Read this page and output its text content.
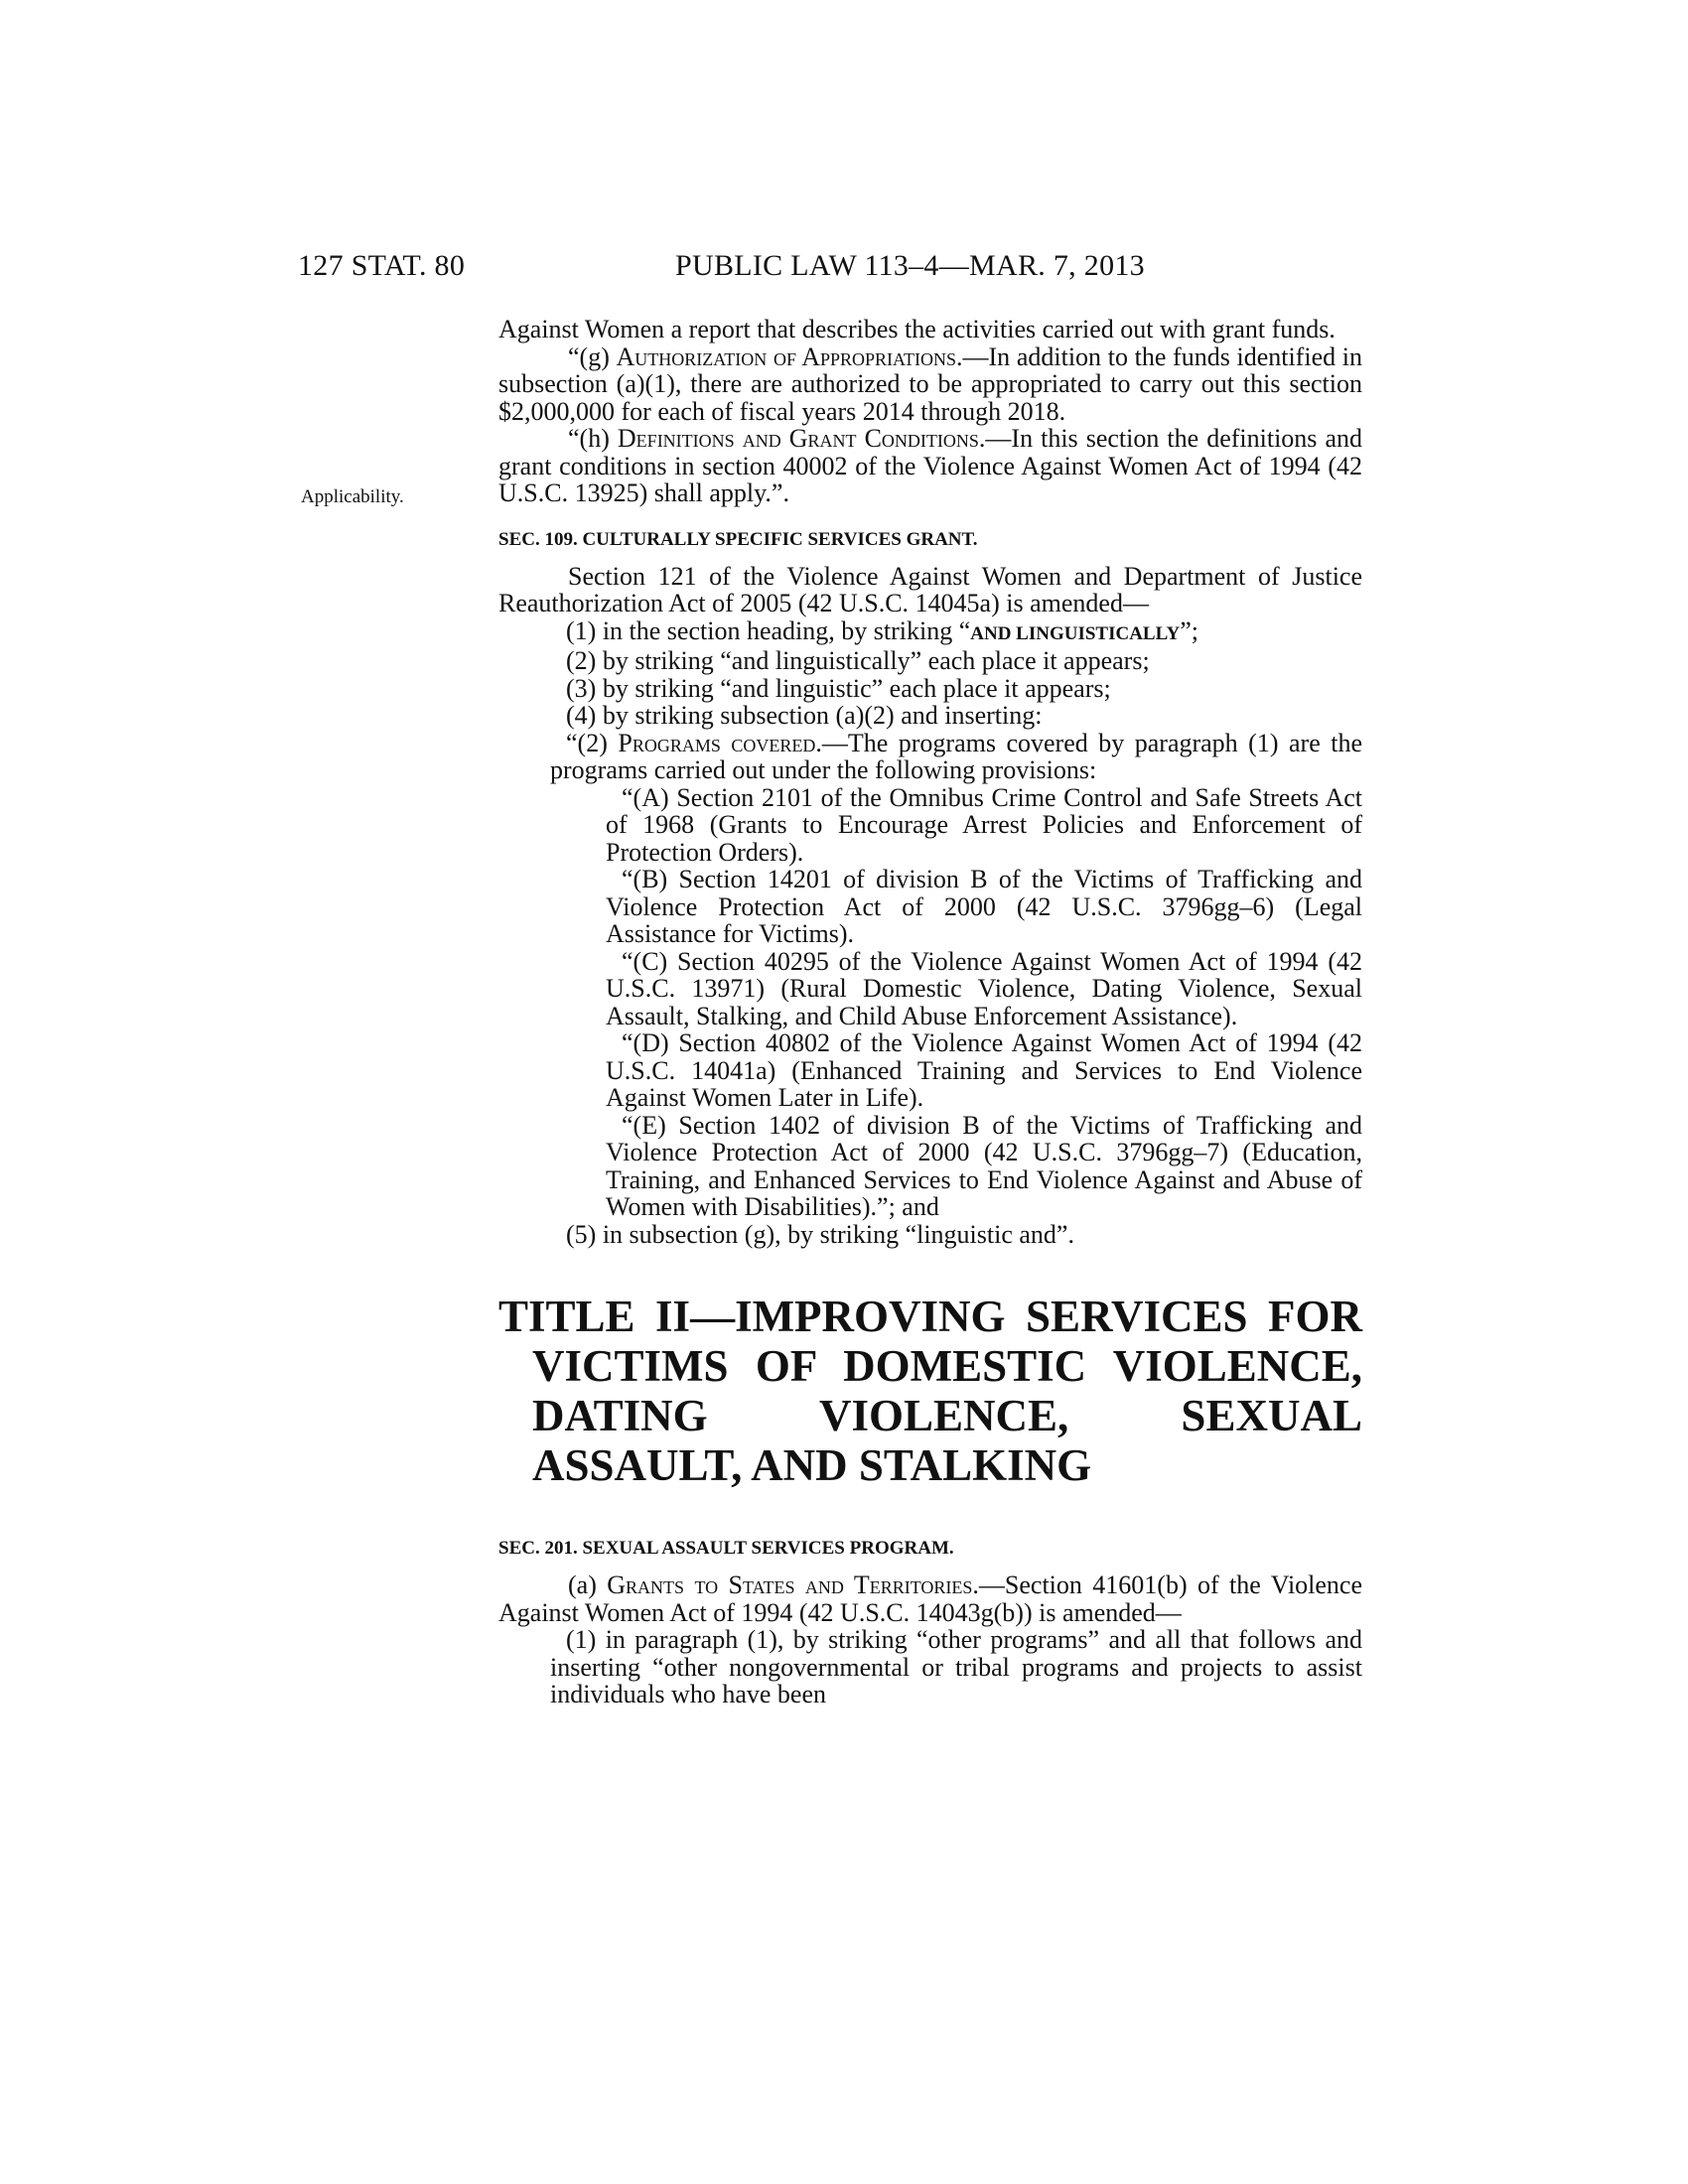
127 STAT. 80	PUBLIC LAW 113–4—MAR. 7, 2013
Applicability.

Against Women a report that describes the activities carried out with grant funds.

“(g) Authorization of Appropriations.—In addition to the funds identified in subsection (a)(1), there are authorized to be appropriated to carry out this section $2,000,000 for each of fiscal years 2014 through 2018.

“(h) Definitions and Grant Conditions.—In this section the definitions and grant conditions in section 40002 of the Violence Against Women Act of 1994 (42 U.S.C. 13925) shall apply.”.

SEC. 109. CULTURALLY SPECIFIC SERVICES GRANT.

Section 121 of the Violence Against Women and Department of Justice Reauthorization Act of 2005 (42 U.S.C. 14045a) is amended—

(1) in the section heading, by striking “AND LINGUISTICALLY”;

(2) by striking “and linguistically” each place it appears;

(3) by striking “and linguistic” each place it appears;

(4) by striking subsection (a)(2) and inserting:

“(2) Programs covered.—The programs covered by paragraph (1) are the programs carried out under the following provisions:

“(A) Section 2101 of the Omnibus Crime Control and Safe Streets Act of 1968 (Grants to Encourage Arrest Policies and Enforcement of Protection Orders).

“(B) Section 14201 of division B of the Victims of Trafficking and Violence Protection Act of 2000 (42 U.S.C. 3796gg–6) (Legal Assistance for Victims).

“(C) Section 40295 of the Violence Against Women Act of 1994 (42 U.S.C. 13971) (Rural Domestic Violence, Dating Violence, Sexual Assault, Stalking, and Child Abuse Enforcement Assistance).

“(D) Section 40802 of the Violence Against Women Act of 1994 (42 U.S.C. 14041a) (Enhanced Training and Services to End Violence Against Women Later in Life).

“(E) Section 1402 of division B of the Victims of Trafficking and Violence Protection Act of 2000 (42 U.S.C. 3796gg–7) (Education, Training, and Enhanced Services to End Violence Against and Abuse of Women with Disabilities).”; and

(5) in subsection (g), by striking “linguistic and”.

TITLE II—IMPROVING SERVICES FOR VICTIMS OF DOMESTIC VIOLENCE, DATING VIOLENCE, SEXUAL ASSAULT, AND STALKING
SEC. 201. SEXUAL ASSAULT SERVICES PROGRAM.

(a) Grants to States and Territories.—Section 41601(b) of the Violence Against Women Act of 1994 (42 U.S.C. 14043g(b)) is amended—

(1) in paragraph (1), by striking “other programs” and all that follows and inserting “other nongovernmental or tribal programs and projects to assist individuals who have been
